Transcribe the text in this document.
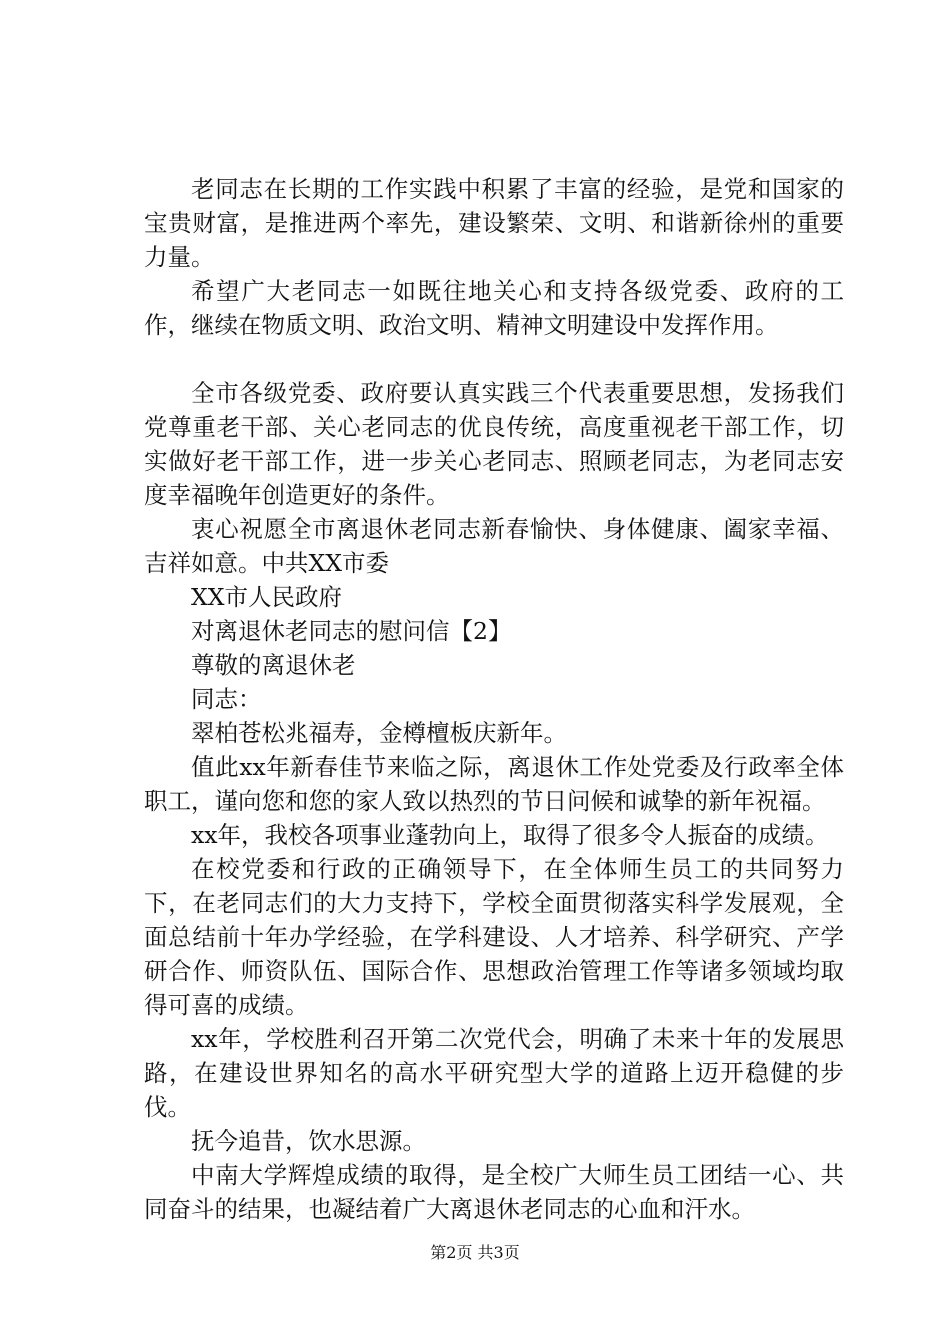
老同志在长期的工作实践中积累了丰富的经验，是党和国家的宝贵财富，是推进两个率先，建设繁荣、文明、和谐新徐州的重要力量。

希望广大老同志一如既往地关心和支持各级党委、政府的工作，继续在物质文明、政治文明、精神文明建设中发挥作用。

全市各级党委、政府要认真实践三个代表重要思想，发扬我们党尊重老干部、关心老同志的优良传统，高度重视老干部工作，切实做好老干部工作，进一步关心老同志、照顾老同志，为老同志安度幸福晚年创造更好的条件。

衷心祝愿全市离退休老同志新春愉快、身体健康、阖家幸福、吉祥如意。中共XX市委

XX市人民政府

对离退休老同志的慰问信【2】

尊敬的离退休老

同志：

翠柏苍松兆福寿，金樽檀板庆新年。

值此xx年新春佳节来临之际，离退休工作处党委及行政率全体职工，谨向您和您的家人致以热烈的节日问候和诚挚的新年祝福。

xx年，我校各项事业蓬勃向上，取得了很多令人振奋的成绩。

在校党委和行政的正确领导下，在全体师生员工的共同努力下，在老同志们的大力支持下，学校全面贯彻落实科学发展观，全面总结前十年办学经验，在学科建设、人才培养、科学研究、产学研合作、师资队伍、国际合作、思想政治管理工作等诸多领域均取得可喜的成绩。

xx年，学校胜利召开第二次党代会，明确了未来十年的发展思路，在建设世界知名的高水平研究型大学的道路上迈开稳健的步伐。

抚今追昔，饮水思源。

中南大学辉煌成绩的取得，是全校广大师生员工团结一心、共同奋斗的结果，也凝结着广大离退休老同志的心血和汗水。

第2页 共3页
